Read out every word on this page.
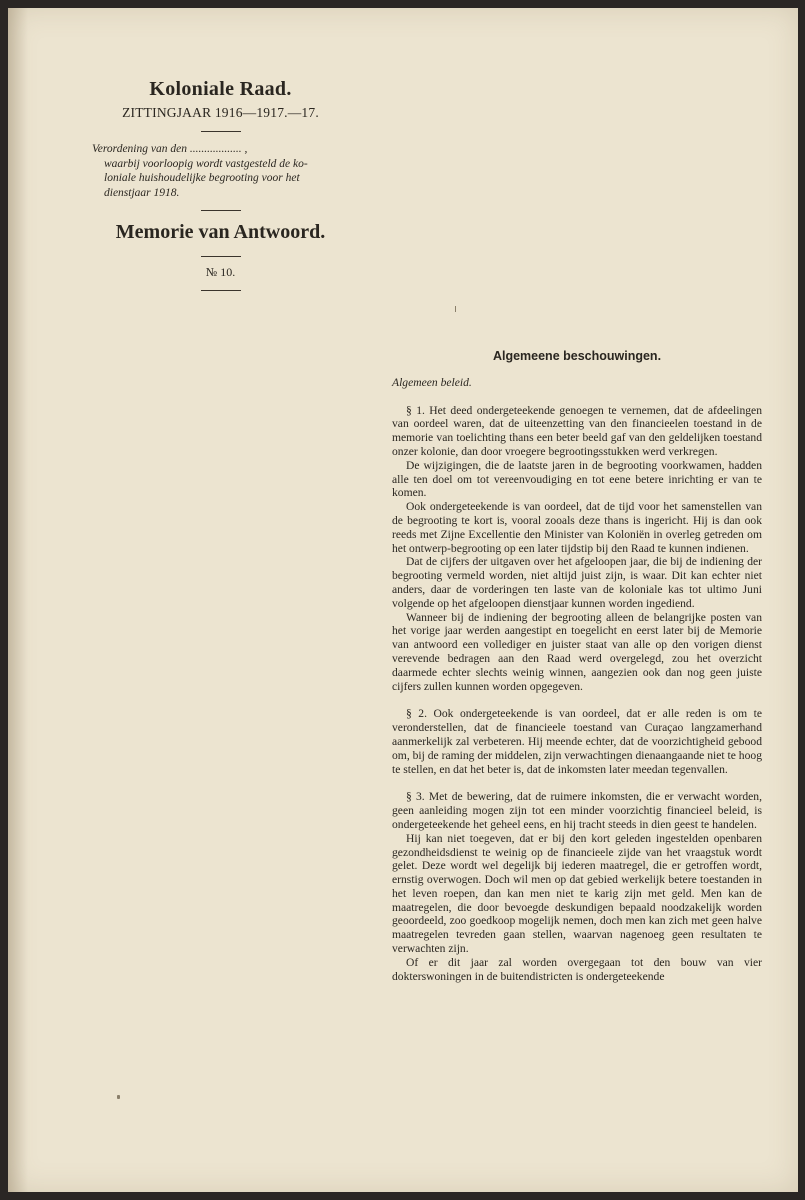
Koloniale Raad.

ZITTINGJAAR 1916—1917.—17.

Verordening van den .................. ,
waarbij voorloopig wordt vastgesteld de ko-
loniale huishoudelijke begrooting voor het
dienstjaar 1918.

Memorie van Antwoord.

№ 10.

Algemeene beschouwingen.

Algemeen beleid.

§ 1. Het deed ondergeteekende genoegen te vernemen, dat de afdeelingen van oordeel waren, dat de uiteenzetting van den financieelen toestand in de memorie van toelichting thans een beter beeld gaf van den geldelijken toestand onzer kolonie, dan door vroegere begrootingsstukken werd verkregen.

De wijzigingen, die de laatste jaren in de begrooting voorkwamen, hadden alle ten doel om tot vereenvoudiging en tot eene betere inrichting er van te komen.

Ook ondergeteekende is van oordeel, dat de tijd voor het samenstellen van de begrooting te kort is, vooral zooals deze thans is ingericht. Hij is dan ook reeds met Zijne Excellentie den Minister van Koloniën in overleg getreden om het ontwerp-begrooting op een later tijdstip bij den Raad te kunnen indienen.

Dat de cijfers der uitgaven over het afgeloopen jaar, die bij de indiening der begrooting vermeld worden, niet altijd juist zijn, is waar. Dit kan echter niet anders, daar de vorderingen ten laste van de koloniale kas tot ultimo Juni volgende op het afgeloopen dienstjaar kunnen worden ingediend.

Wanneer bij de indiening der begrooting alleen de belangrijke posten van het vorige jaar werden aangestipt en toegelicht en eerst later bij de Memorie van antwoord een vollediger en juister staat van alle op den vorigen dienst verevende bedragen aan den Raad werd overgelegd, zou het overzicht daarmede echter slechts weinig winnen, aangezien ook dan nog geen juiste cijfers zullen kunnen worden opgegeven.

§ 2. Ook ondergeteekende is van oordeel, dat er alle reden is om te veronderstellen, dat de financieele toestand van Curaçao langzamerhand aanmerkelijk zal verbeteren. Hij meende echter, dat de voorzichtigheid gebood om, bij de raming der middelen, zijn verwachtingen dienaangaande niet te hoog te stellen, en dat het beter is, dat de inkomsten later meedan tegenvallen.

§ 3. Met de bewering, dat de ruimere inkomsten, die er verwacht worden, geen aanleiding mogen zijn tot een minder voorzichtig financieel beleid, is ondergeteekende het geheel eens, en hij tracht steeds in dien geest te handelen.

Hij kan niet toegeven, dat er bij den kort geleden ingestelden openbaren gezondheidsdienst te weinig op de financieele zijde van het vraagstuk wordt gelet. Deze wordt wel degelijk bij iederen maatregel, die er getroffen wordt, ernstig overwogen. Doch wil men op dat gebied werkelijk betere toestanden in het leven roepen, dan kan men niet te karig zijn met geld. Men kan de maatregelen, die door bevoegde deskundigen bepaald noodzakelijk worden geoordeeld, zoo goedkoop mogelijk nemen, doch men kan zich met geen halve maatregelen tevreden gaan stellen, waarvan nagenoeg geen resultaten te verwachten zijn.

Of er dit jaar zal worden overgegaan tot den bouw van vier dokterswoningen in de buitendistricten is ondergeteekende
